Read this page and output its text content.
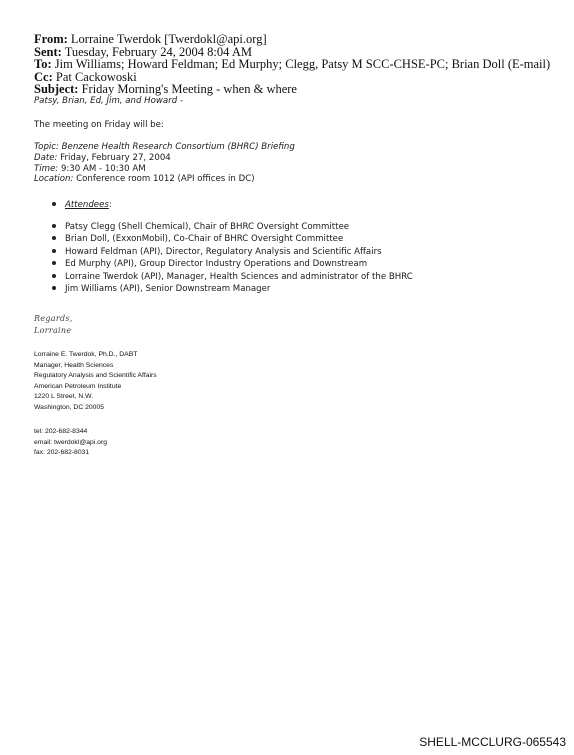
From: Lorraine Twerdok [Twerdokl@api.org]
Sent: Tuesday, February 24, 2004 8:04 AM
To: Jim Williams; Howard Feldman; Ed Murphy; Clegg, Patsy M SCC-CHSE-PC; Brian Doll (E-mail)
Cc: Pat Cackowoski
Subject: Friday Morning's Meeting - when & where
Patsy, Brian, Ed, Jim, and Howard -
The meeting on Friday will be:
Topic: Benzene Health Research Consortium (BHRC) Briefing
Date: Friday, February 27, 2004
Time: 9:30 AM - 10:30 AM
Location: Conference room 1012 (API offices in DC)
Attendees:
Patsy Clegg (Shell Chemical), Chair of BHRC Oversight Committee
Brian Doll, (ExxonMobil), Co-Chair of BHRC Oversight Committee
Howard Feldman (API), Director, Regulatory Analysis and Scientific Affairs
Ed Murphy (API), Group Director Industry Operations and Downstream
Lorraine Twerdok (API), Manager, Health Sciences and administrator of the BHRC
Jim Williams (API), Senior Downstream Manager
Regards,
Lorraine
Lorraine E. Twerdok, Ph.D., DABT
Manager, Health Sciences
Regulatory Analysis and Scientific Affairs
American Petroleum Institute
1220 L Street, N.W.
Washington, DC 20005
tel: 202-682-8344
email: twerdokl@api.org
fax: 202-682-8031
SHELL-MCCLURG-065543
